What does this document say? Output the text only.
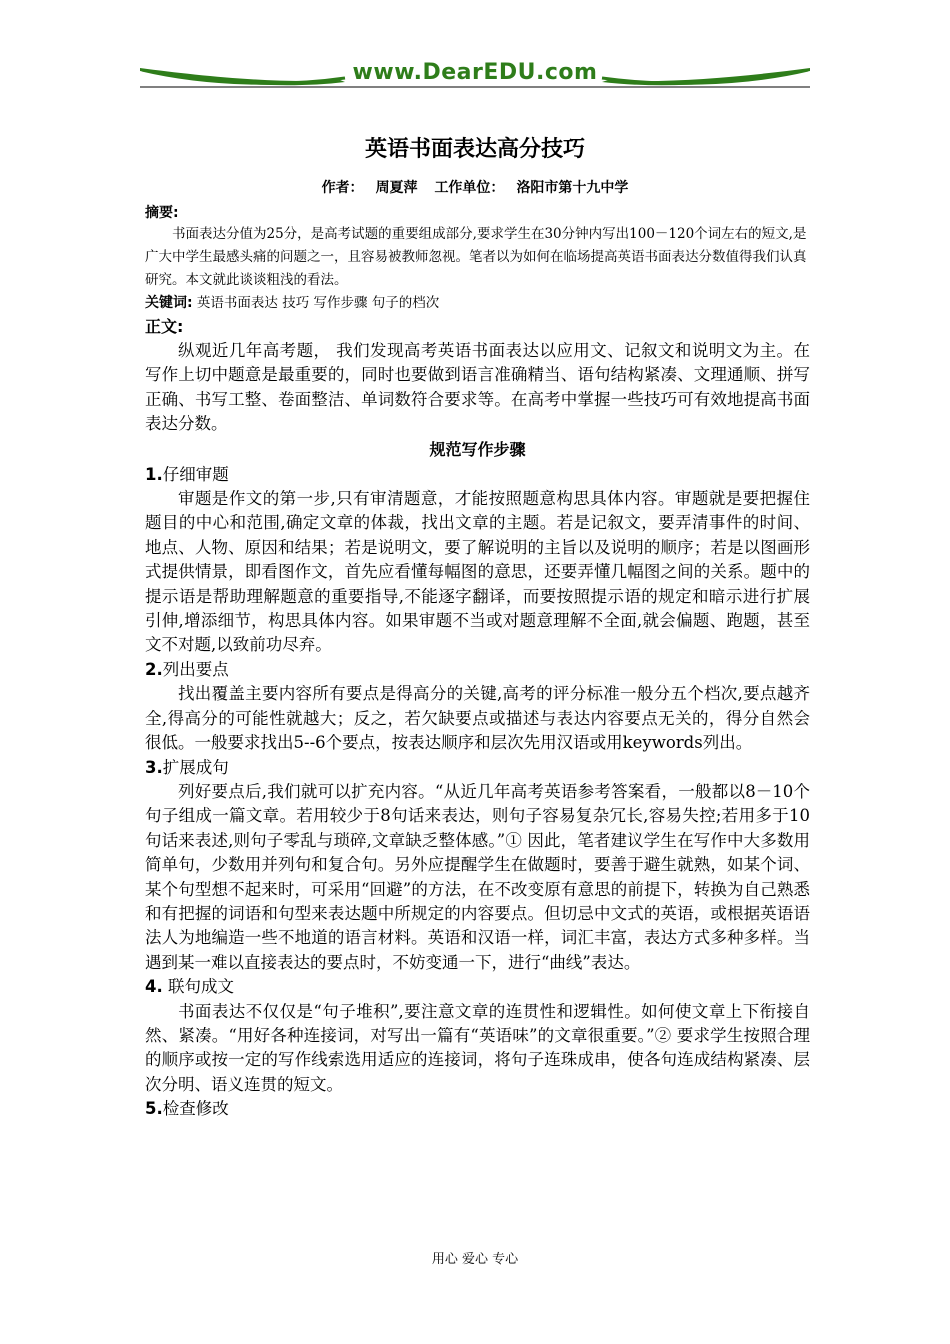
www.DearEDU.com
英语书面表达高分技巧
作者： 周夏萍 工作单位： 洛阳市第十九中学
摘要:

书面表达分值为25分，是高考试题的重要组成部分,要求学生在30分钟内写出100－120个词左右的短文,是广大中学生最感头痛的问题之一，且容易被教师忽视。笔者以为如何在临场提高英语书面表达分数值得我们认真研究。本文就此谈谈粗浅的看法。

关键词: 英语书面表达 技巧 写作步骤 句子的档次

正文:

纵观近几年高考题， 我们发现高考英语书面表达以应用文、记叙文和说明文为主。在写作上切中题意是最重要的，同时也要做到语言准确精当、语句结构紧凑、文理通顺、拼写正确、书写工整、卷面整洁、单词数符合要求等。在高考中掌握一些技巧可有效地提高书面表达分数。

规范写作步骤

1.仔细审题

审题是作文的第一步,只有审清题意，才能按照题意构思具体内容。审题就是要把握住题目的中心和范围,确定文章的体裁，找出文章的主题。若是记叙文，要弄清事件的时间、地点、人物、原因和结果；若是说明文，要了解说明的主旨以及说明的顺序；若是以图画形式提供情景，即看图作文，首先应看懂每幅图的意思，还要弄懂几幅图之间的关系。题中的提示语是帮助理解题意的重要指导,不能逐字翻译，而要按照提示语的规定和暗示进行扩展引伸,增添细节，构思具体内容。如果审题不当或对题意理解不全面,就会偏题、跑题，甚至文不对题,以致前功尽弃。

2.列出要点

找出覆盖主要内容所有要点是得高分的关键,高考的评分标准一般分五个档次,要点越齐全,得高分的可能性就越大；反之，若欠缺要点或描述与表达内容要点无关的，得分自然会很低。一般要求找出5--6个要点，按表达顺序和层次先用汉语或用keywords列出。

3.扩展成句

列好要点后,我们就可以扩充内容。“从近几年高考英语参考答案看，一般都以8－10个句子组成一篇文章。若用较少于8句话来表达，则句子容易复杂冗长,容易失控;若用多于10句话来表述,则句子零乱与琐碎,文章缺乏整体感。”① 因此，笔者建议学生在写作中大多数用简单句，少数用并列句和复合句。另外应提醒学生在做题时，要善于避生就熟，如某个词、某个句型想不起来时，可采用“回避”的方法，在不改变原有意思的前提下，转换为自己熟悉和有把握的词语和句型来表达题中所规定的内容要点。但切忌中文式的英语，或根据英语语法人为地编造一些不地道的语言材料。英语和汉语一样，词汇丰富，表达方式多种多样。当遇到某一难以直接表达的要点时，不妨变通一下，进行“曲线”表达。

4. 联句成文

书面表达不仅仅是“句子堆积”,要注意文章的连贯性和逻辑性。如何使文章上下衔接自然、紧凑。“用好各种连接词，对写出一篇有“英语味”的文章很重要。”② 要求学生按照合理的顺序或按一定的写作线索选用适应的连接词，将句子连珠成串，使各句连成结构紧凑、层次分明、语义连贯的短文。

5.检查修改

用心 爱心 专心
